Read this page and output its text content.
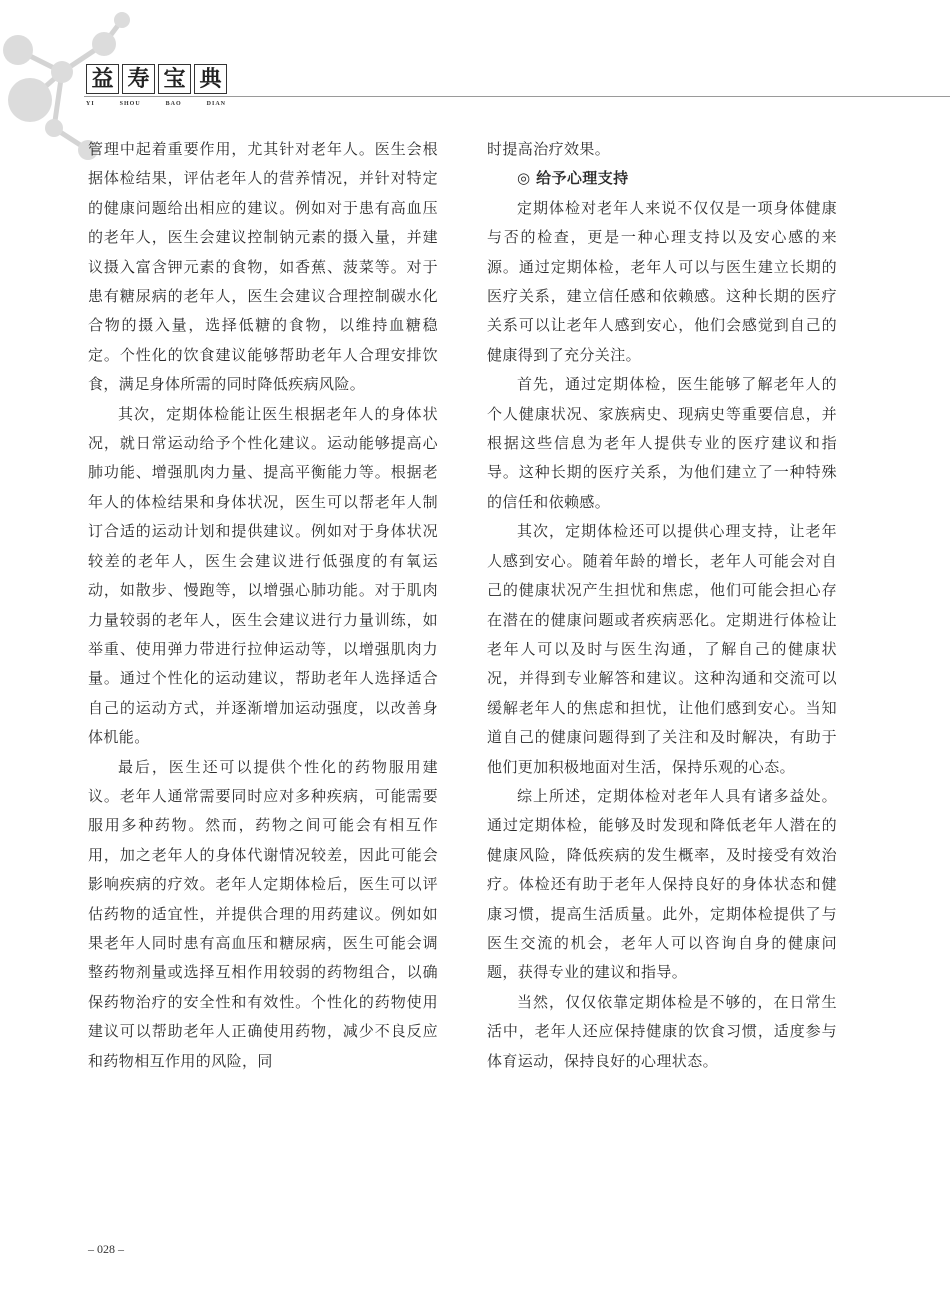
益 寿 宝 典
YI	SHOU	BAO	DIAN

管理中起着重要作用，尤其针对老年人。医生会根据体检结果，评估老年人的营养情况，并针对特定的健康问题给出相应的建议。例如对于患有高血压的老年人，医生会建议控制钠元素的摄入量，并建议摄入富含钾元素的食物，如香蕉、菠菜等。对于患有糖尿病的老年人，医生会建议合理控制碳水化合物的摄入量，选择低糖的食物，以维持血糖稳定。个性化的饮食建议能够帮助老年人合理安排饮食，满足身体所需的同时降低疾病风险。

其次，定期体检能让医生根据老年人的身体状况，就日常运动给予个性化建议。运动能够提高心肺功能、增强肌肉力量、提高平衡能力等。根据老年人的体检结果和身体状况，医生可以帮老年人制订合适的运动计划和提供建议。例如对于身体状况较差的老年人，医生会建议进行低强度的有氧运动，如散步、慢跑等，以增强心肺功能。对于肌肉力量较弱的老年人，医生会建议进行力量训练，如举重、使用弹力带进行拉伸运动等，以增强肌肉力量。通过个性化的运动建议，帮助老年人选择适合自己的运动方式，并逐渐增加运动强度，以改善身体机能。

最后，医生还可以提供个性化的药物服用建议。老年人通常需要同时应对多种疾病，可能需要服用多种药物。然而，药物之间可能会有相互作用，加之老年人的身体代谢情况较差，因此可能会影响疾病的疗效。老年人定期体检后，医生可以评估药物的适宜性，并提供合理的用药建议。例如如果老年人同时患有高血压和糖尿病，医生可能会调整药物剂量或选择互相作用较弱的药物组合，以确保药物治疗的安全性和有效性。个性化的药物使用建议可以帮助老年人正确使用药物，减少不良反应和药物相互作用的风险，同

时提高治疗效果。

◎ 给予心理支持

定期体检对老年人来说不仅仅是一项身体健康与否的检查，更是一种心理支持以及安心感的来源。通过定期体检，老年人可以与医生建立长期的医疗关系，建立信任感和依赖感。这种长期的医疗关系可以让老年人感到安心，他们会感觉到自己的健康得到了充分关注。

首先，通过定期体检，医生能够了解老年人的个人健康状况、家族病史、现病史等重要信息，并根据这些信息为老年人提供专业的医疗建议和指导。这种长期的医疗关系，为他们建立了一种特殊的信任和依赖感。

其次，定期体检还可以提供心理支持，让老年人感到安心。随着年龄的增长，老年人可能会对自己的健康状况产生担忧和焦虑，他们可能会担心存在潜在的健康问题或者疾病恶化。定期进行体检让老年人可以及时与医生沟通，了解自己的健康状况，并得到专业解答和建议。这种沟通和交流可以缓解老年人的焦虑和担忧，让他们感到安心。当知道自己的健康问题得到了关注和及时解决，有助于他们更加积极地面对生活，保持乐观的心态。

综上所述，定期体检对老年人具有诸多益处。通过定期体检，能够及时发现和降低老年人潜在的健康风险，降低疾病的发生概率，及时接受有效治疗。体检还有助于老年人保持良好的身体状态和健康习惯，提高生活质量。此外，定期体检提供了与医生交流的机会，老年人可以咨询自身的健康问题，获得专业的建议和指导。

当然，仅仅依靠定期体检是不够的，在日常生活中，老年人还应保持健康的饮食习惯，适度参与体育运动，保持良好的心理状态。

– 028 –
